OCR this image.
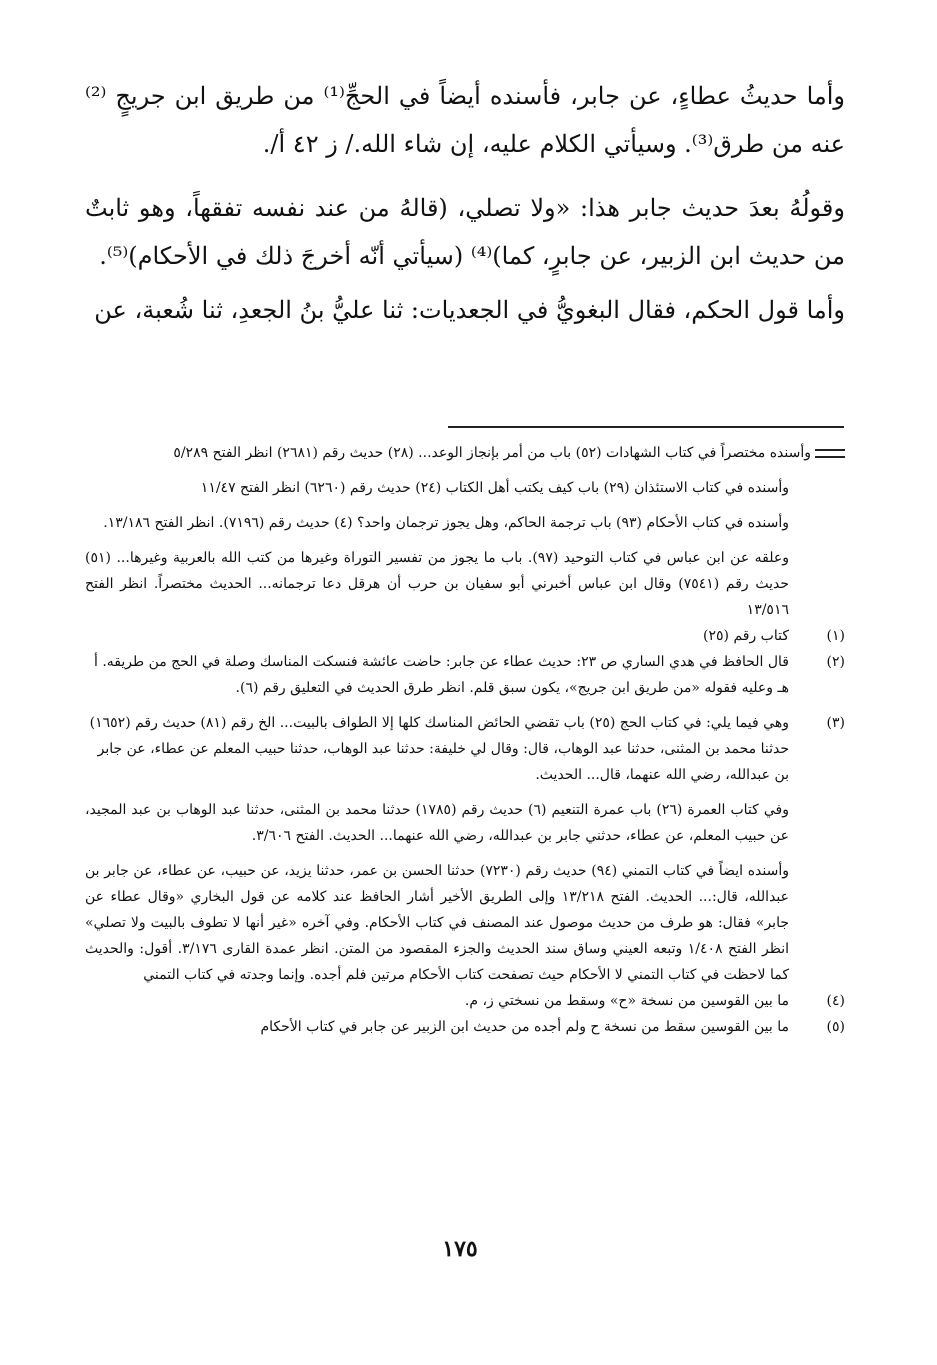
وأما حديثُ عطاءٍ، عن جابر، فأسنده أيضاً في الحجِّ⁽¹⁾ من طريق ابن جريجٍ ⁽²⁾ عنه من طرق⁽³⁾. وسيأتي الكلام عليه، إن شاء الله./ ز ٤٢ أ/.

وقولُهُ بعدَ حديث جابر هذا: «ولا تصلي، (قالهُ من عند نفسه تفقهاً، وهو ثابتٌ من حديث ابن الزبير، عن جابرٍ، كما)⁽⁴⁾ (سيأتي أنّه أخرجَ ذلك في الأحكام)⁽⁵⁾.

وأما قول الحكم، فقال البغويُّ في الجعديات: ثنا عليُّ بنُ الجعدِ، ثنا شُعبة، عن

وأسنده مختصراً في كتاب الشهادات (٥٢) باب من أمر بإنجاز الوعد... (٢٨) حديث رقم (٢٦٨١) انظر الفتح ٥/٢٨٩

وأسنده في كتاب الاستئذان (٢٩) باب كيف يكتب أهل الكتاب (٢٤) حديث رقم (٦٢٦٠) انظر الفتح ١١/٤٧

وأسنده في كتاب الأحكام (٩٣) باب ترجمة الحاكم، وهل يجوز ترجمان واحد؟ (٤) حديث رقم (٧١٩٦). انظر الفتح ١٣/١٨٦.

وعلقه عن ابن عباس في كتاب التوحيد (٩٧). باب ما يجوز من تفسير التوراة وغيرها من كتب الله بالعربية وغيرها... (٥١) حديث رقم (٧٥٤١) وقال ابن عباس أخبرني أبو سفيان بن حرب أن هرقل دعا ترجمانه... الحديث مختصراً. انظر الفتح ١٣/٥١٦

(١)
كتاب رقم (٢٥)
(٢)
قال الحافظ في هدي الساري ص ٢٣: حديث عطاء عن جابر: حاضت عائشة فنسكت المناسك وصلة في الحج من طريقه. أ هـ وعليه فقوله «من طريق ابن جريج»، يكون سبق قلم. انظر طرق الحديث في التعليق رقم (٦).
(٣)
وهي فيما يلي: في كتاب الحج (٢٥) باب تقضي الحائض المناسك كلها إلا الطواف بالبيت... الخ رقم (٨١) حديث رقم (١٦٥٢) حدثنا محمد بن المثنى، حدثنا عبد الوهاب، قال: وقال لي خليفة: حدثنا عبد الوهاب، حدثنا حبيب المعلم عن عطاء، عن جابر بن عبدالله، رضي الله عنهما، قال... الحديث.

وفي كتاب العمرة (٢٦) باب عمرة التنعيم (٦) حديث رقم (١٧٨٥) حدثنا محمد بن المثنى، حدثنا عبد الوهاب بن عبد المجيد، عن حبيب المعلم، عن عطاء، حدثني جابر بن عبدالله، رضي الله عنهما... الحديث. الفتح ٣/٦٠٦.

وأسنده ايضاً في كتاب التمني (٩٤) حديث رقم (٧٢٣٠) حدثنا الحسن بن عمر، حدثنا يزيد، عن حبيب، عن عطاء، عن جابر بن عبدالله، قال:... الحديث. الفتح ١٣/٢١٨ وإلى الطريق الأخير أشار الحافظ عند كلامه عن قول البخاري «وقال عطاء عن جابر» فقال: هو طرف من حديث موصول عند المصنف في كتاب الأحكام. وفي آخره «غير أنها لا تطوف بالبيت ولا تصلي» انظر الفتح ١/٤٠٨ وتبعه العيني وساق سند الحديث والجزء المقصود من المتن. انظر عمدة القارى ٣/١٧٦. أقول: والحديث كما لاحظت في كتاب التمني لا الأحكام حيث تصفحت كتاب الأحكام مرتين فلم أجده. وإنما وجدته في كتاب التمني

(٤)
ما بين القوسين من نسخة «ح» وسقط من نسختي ز، م.
(٥)
ما بين القوسين سقط من نسخة ح ولم أجده من حديث ابن الزبير عن جابر في كتاب الأحكام
١٧٥
